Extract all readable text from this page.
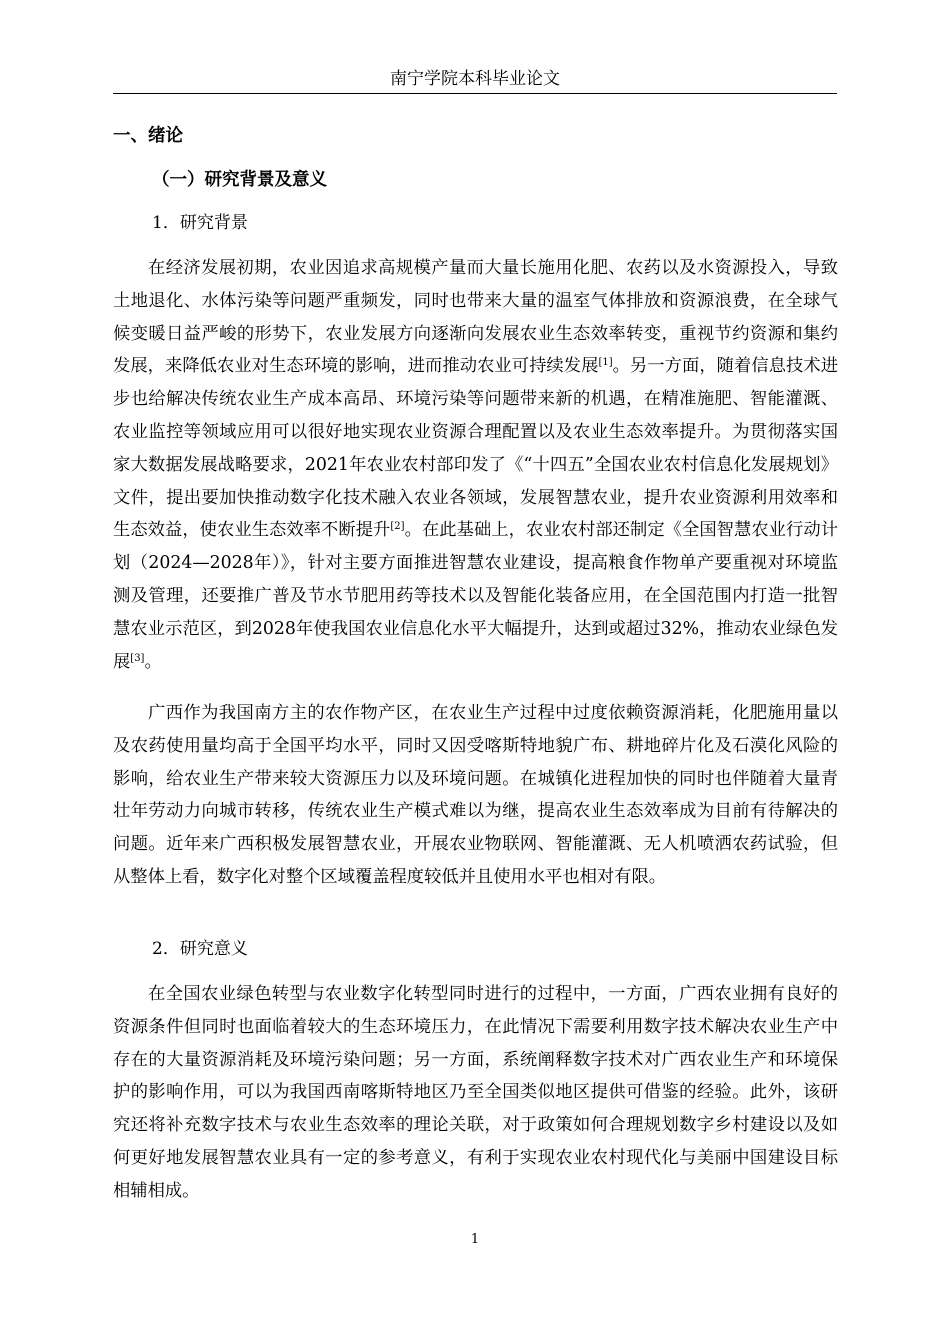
南宁学院本科毕业论文
一、绪论
（一）研究背景及意义
1．研究背景

在经济发展初期，农业因追求高规模产量而大量长施用化肥、农药以及水资源投入，导致土地退化、水体污染等问题严重频发，同时也带来大量的温室气体排放和资源浪费，在全球气候变暖日益严峻的形势下，农业发展方向逐渐向发展农业生态效率转变，重视节约资源和集约发展，来降低农业对生态环境的影响，进而推动农业可持续发展[1]。另一方面，随着信息技术进步也给解决传统农业生产成本高昂、环境污染等问题带来新的机遇，在精准施肥、智能灌溉、农业监控等领域应用可以很好地实现农业资源合理配置以及农业生态效率提升。为贯彻落实国家大数据发展战略要求，2021年农业农村部印发了《“十四五”全国农业农村信息化发展规划》文件，提出要加快推动数字化技术融入农业各领域，发展智慧农业，提升农业资源利用效率和生态效益，使农业生态效率不断提升[2]。在此基础上，农业农村部还制定《全国智慧农业行动计划（2024—2028年）》，针对主要方面推进智慧农业建设，提高粮食作物单产要重视对环境监测及管理，还要推广普及节水节肥用药等技术以及智能化装备应用，在全国范围内打造一批智慧农业示范区，到2028年使我国农业信息化水平大幅提升，达到或超过32%，推动农业绿色发展[3]。

广西作为我国南方主的农作物产区，在农业生产过程中过度依赖资源消耗，化肥施用量以及农药使用量均高于全国平均水平，同时又因受喀斯特地貌广布、耕地碎片化及石漠化风险的影响，给农业生产带来较大资源压力以及环境问题。在城镇化进程加快的同时也伴随着大量青壮年劳动力向城市转移，传统农业生产模式难以为继，提高农业生态效率成为目前有待解决的问题。近年来广西积极发展智慧农业，开展农业物联网、智能灌溉、无人机喷洒农药试验，但从整体上看，数字化对整个区域覆盖程度较低并且使用水平也相对有限。

2．研究意义

在全国农业绿色转型与农业数字化转型同时进行的过程中，一方面，广西农业拥有良好的资源条件但同时也面临着较大的生态环境压力，在此情况下需要利用数字技术解决农业生产中存在的大量资源消耗及环境污染问题；另一方面，系统阐释数字技术对广西农业生产和环境保护的影响作用，可以为我国西南喀斯特地区乃至全国类似地区提供可借鉴的经验。此外，该研究还将补充数字技术与农业生态效率的理论关联，对于政策如何合理规划数字乡村建设以及如何更好地发展智慧农业具有一定的参考意义，有利于实现农业农村现代化与美丽中国建设目标相辅相成。

1
